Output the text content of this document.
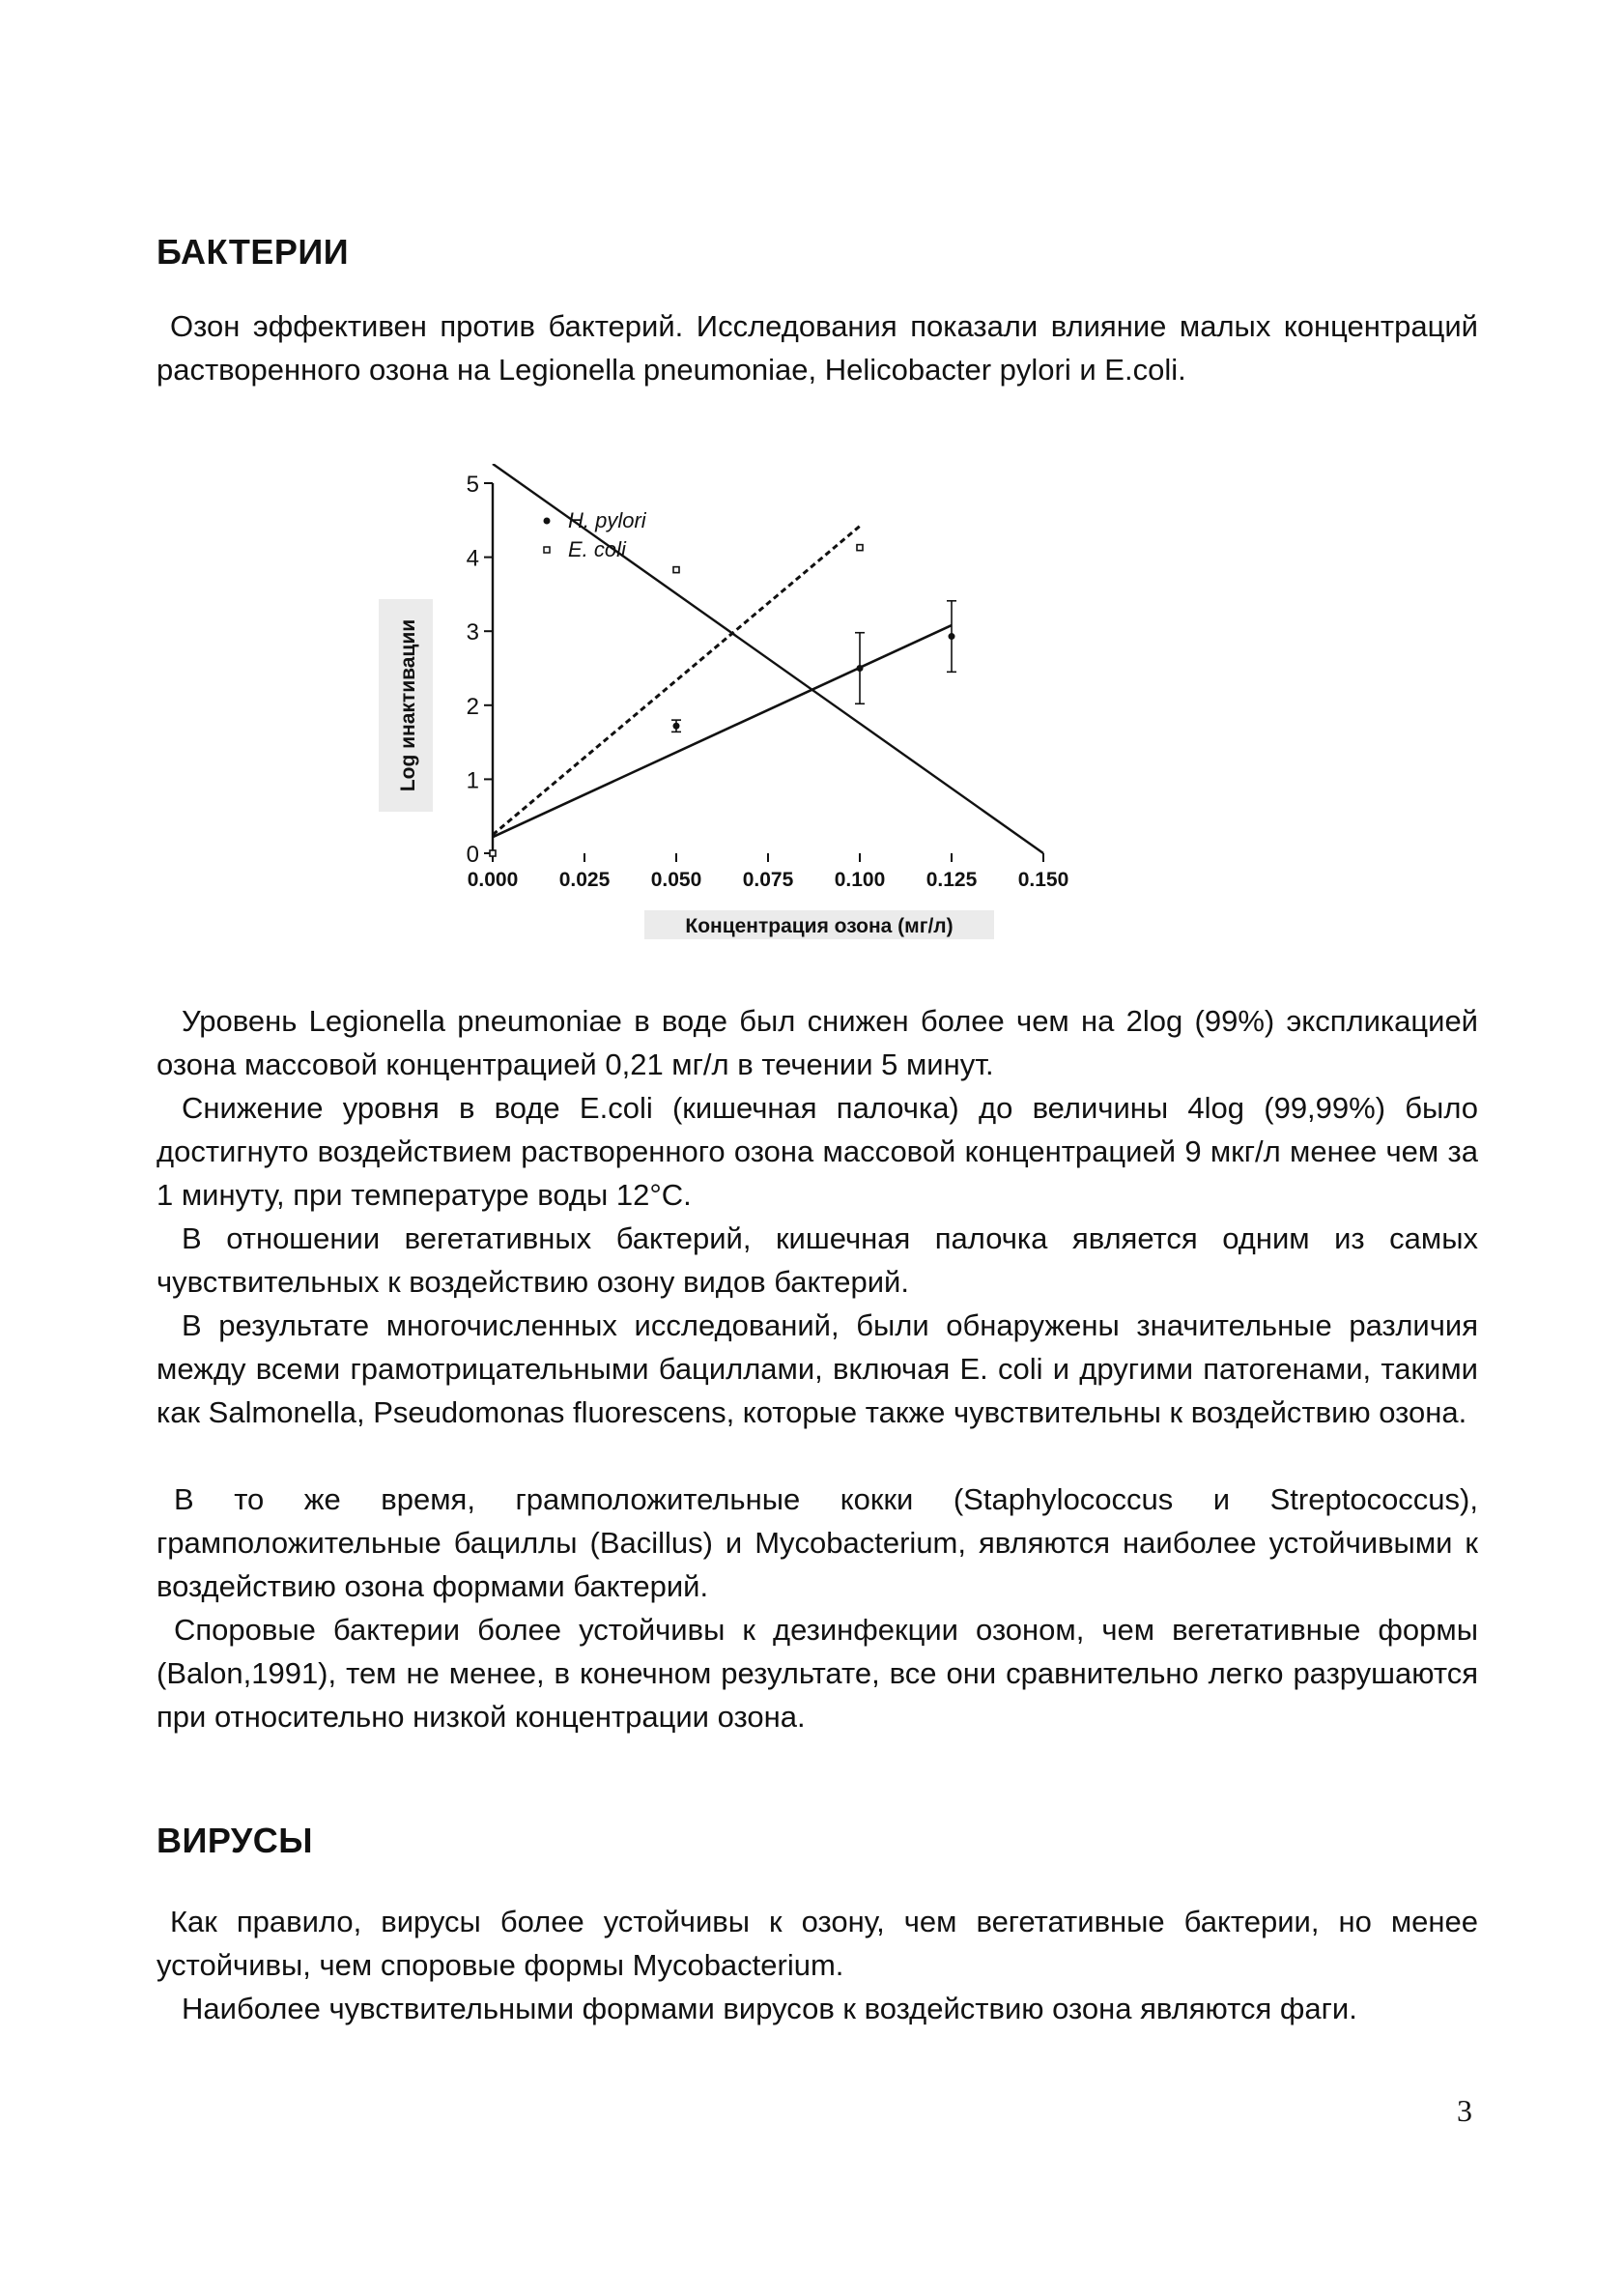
БАКТЕРИИ

Озон эффективен против бактерий. Исследования показали влияние малых концентраций растворенного озона на Legionella pneumoniae, Helicobacter pylori и E.coli.

Log инактивации
0
1
2
3
4
5
0.000 0.025 0.050 0.075 0.100 0.125 0.150
H. pylori
E. coli
Концентрация озона (мг/л)

Уровень Legionella pneumoniae в воде был снижен более чем на 2log (99%) экспликацией озона массовой концентрацией 0,21 мг/л в течении 5 минут.

Снижение уровня в воде E.coli (кишечная палочка) до величины 4log (99,99%) было достигнуто воздействием растворенного озона массовой концентрацией 9 мкг/л менее чем за 1 минуту, при температуре воды 12°C.

В отношении вегетативных бактерий, кишечная палочка является одним из самых чувствительных к воздействию озону видов бактерий.

В результате многочисленных исследований, были обнаружены значительные различия между всеми грамотрицательными бациллами, включая E. coli и другими патогенами, такими как Salmonella, Pseudomonas fluorescens, которые также чувствительны к воздействию озона.

В то же время, грамположительные кокки (Staphylococcus и Streptococcus), грамположительные бациллы (Bacillus) и Mycobacterium, являются наиболее устойчивыми к воздействию озона формами бактерий.

Споровые бактерии более устойчивы к дезинфекции озоном, чем вегетативные формы (Balon,1991), тем не менее, в конечном результате, все они сравнительно легко разрушаются при относительно низкой концентрации озона.

ВИРУСЫ

Как правило, вирусы более устойчивы к озону, чем вегетативные бактерии, но менее устойчивы, чем споровые формы Mycobacterium.

Наиболее чувствительными формами вирусов к воздействию озона являются фаги.

3
